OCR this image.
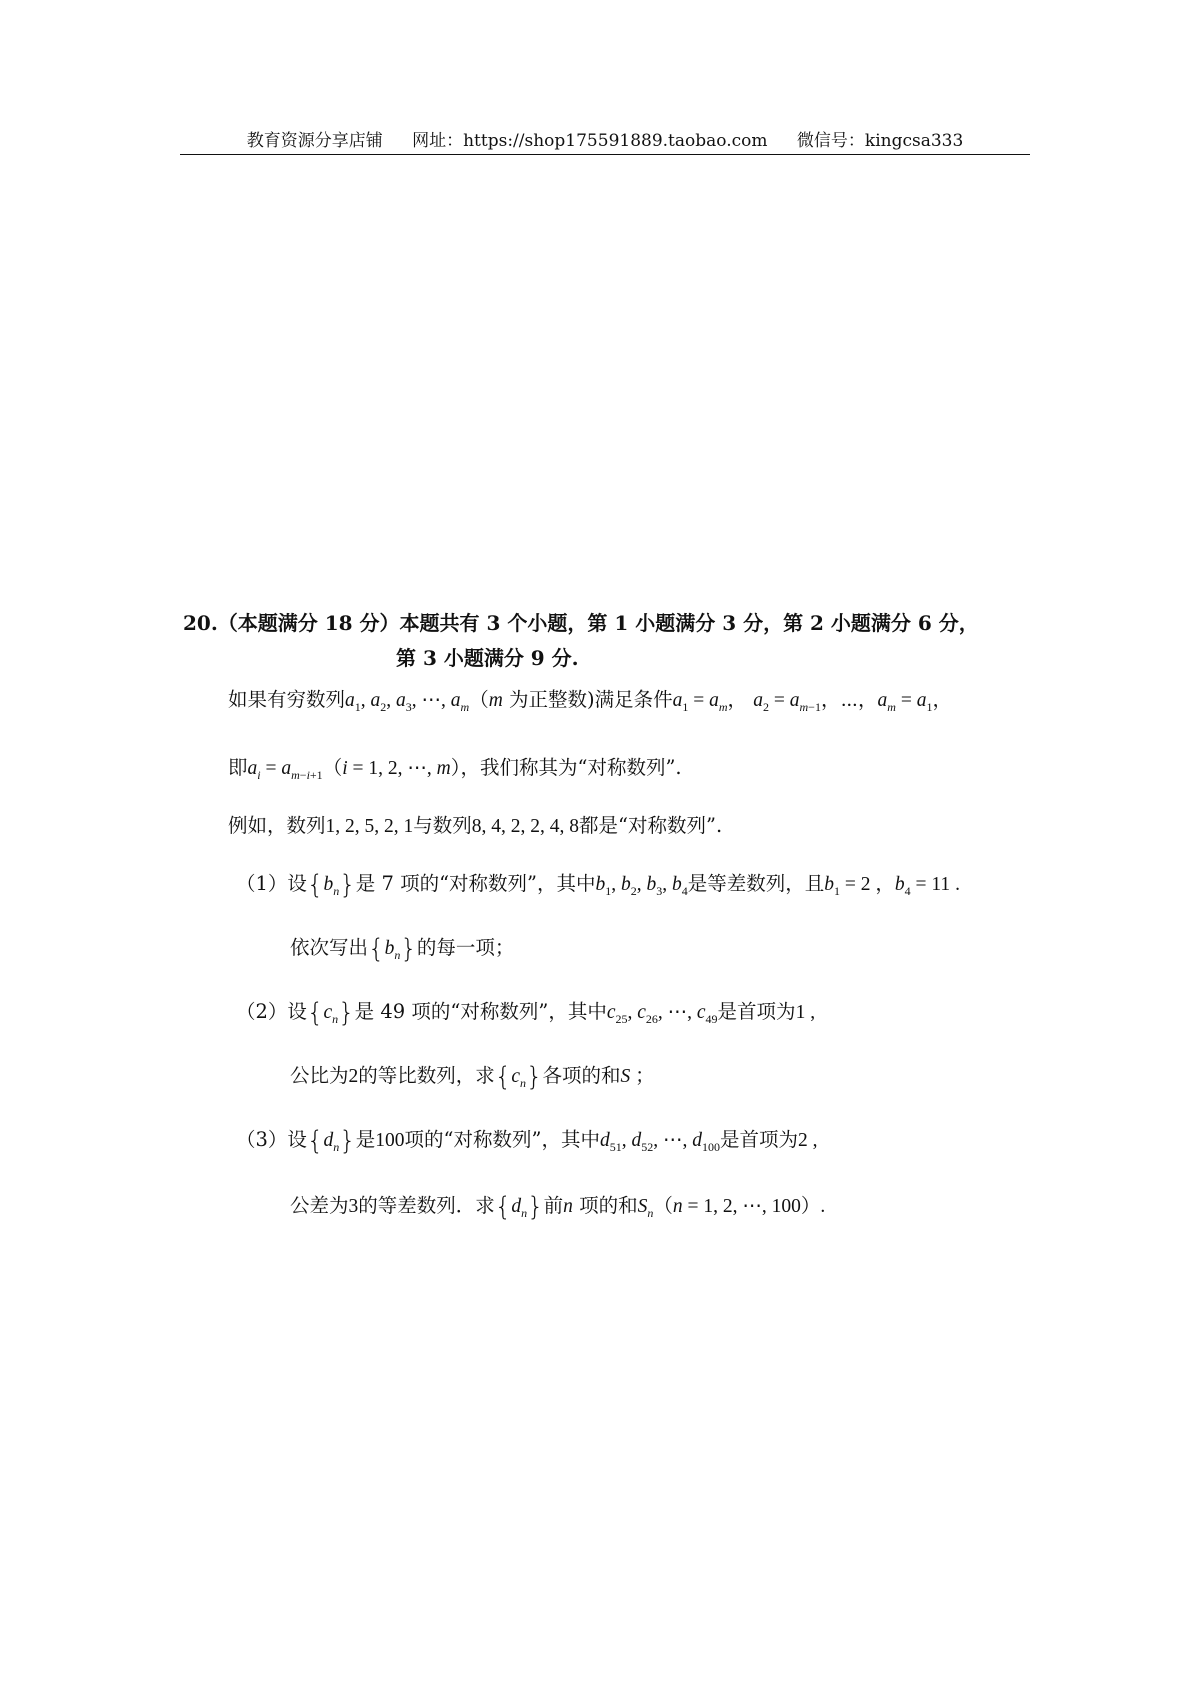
教育资源分享店铺 网址：https://shop175591889.taobao.com 微信号：kingcsa333
20.（本题满分 18 分）本题共有 3 个小题，第 1 小题满分 3 分，第 2 小题满分 6 分，
第 3 小题满分 9 分.
如果有穷数列$a_1$, $a_2$, $a_3$, ⋯, $a_m(m$ 为正整数)满足条件$a_1 = a_m$， $a_2 = a_{m-1}$，⋯，$a_m = a_1$，
即$a_i = a_{m-i+1}(i = 1$, 2, ⋯, m），我们称其为“对称数列”.
例如，数列1, 2, 5, 2, 1与数列8, 4, 2, 2, 4, 8都是“对称数列”.
（1）设$\{b_n\}$是 7 项的“对称数列”，其中$b_1$, $b_2$, $b_3$, $b_4$是等差数列，且$b_1 = 2$ ，$b_4 = 11$ .
依次写出$\{b_n\}$的每一项；
（2）设$\{c_n\}$是 49 项的“对称数列”，其中$c_{25}$, $c_{26}$, ⋯, $c_{49}$是首项为1 ,
公比为2的等比数列，求$\{c_n\}$各项的和S ；
（3）设$\{d_n\}$是100项的“对称数列”，其中$d_{51}$, $d_{52}$, ⋯, $d_{100}$是首项为2 ,
公差为3的等差数列．求$\{d_n\}$前n 项的和$S_n(n = 1$, 2, ⋯, 100）.
